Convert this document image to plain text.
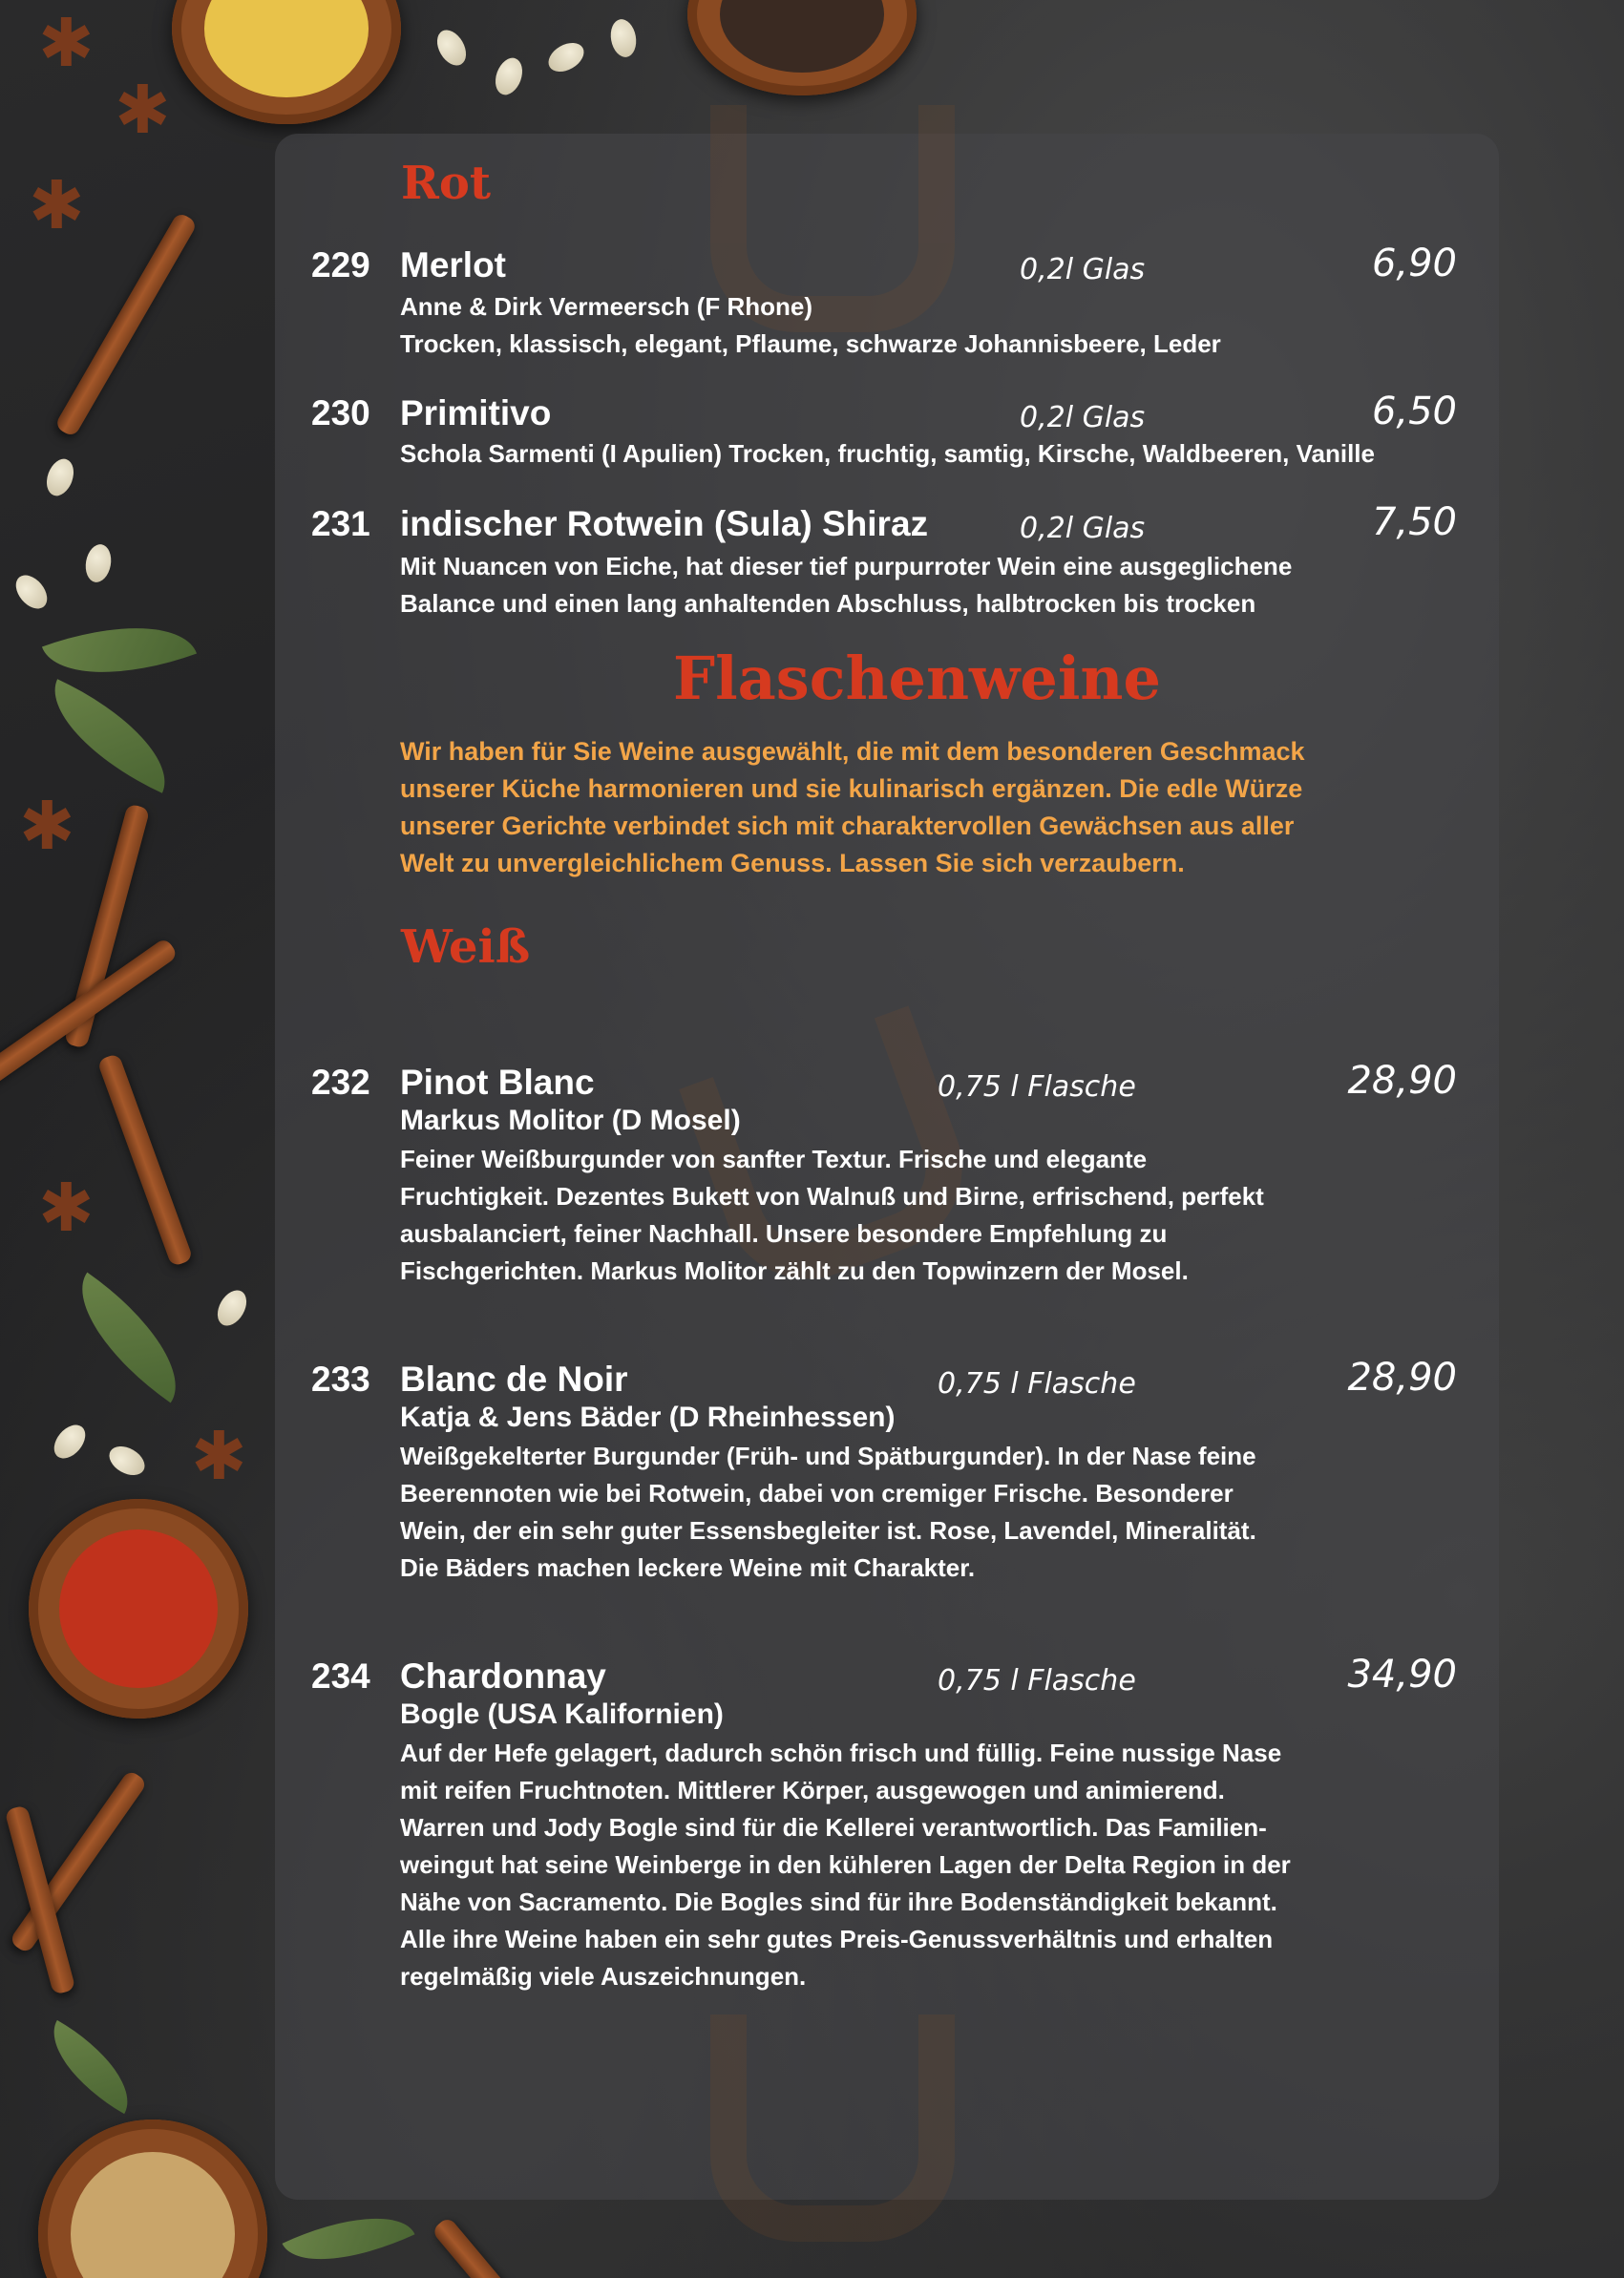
✱
✱
✱
✱
✱
✱
Rot
Flaschenweine
Weiß
Wir haben für Sie Weine ausgewählt, die mit dem besonderen Geschmack
unserer Küche harmonieren und sie kulinarisch ergänzen. Die edle Würze
unserer Gerichte verbindet sich mit charaktervollen Gewächsen aus aller
Welt zu unvergleichlichem Genuss. Lassen Sie sich verzaubern.
229 Merlot	0,2l Glas	6,90
Anne & Dirk Vermeersch (F Rhone)
Trocken, klassisch, elegant, Pflaume, schwarze Johannisbeere, Leder
230 Primitivo	0,2l Glas	6,50
Schola Sarmenti (I Apulien) Trocken, fruchtig, samtig, Kirsche, Waldbeeren, Vanille
231 indischer Rotwein (Sula) Shiraz	0,2l Glas	7,50
Mit Nuancen von Eiche, hat dieser tief purpurroter Wein eine ausgeglichene
Balance und einen lang anhaltenden Abschluss, halbtrocken bis trocken
232 Pinot Blanc	0,75 l Flasche	28,90
Markus Molitor (D Mosel)
Feiner Weißburgunder von sanfter Textur. Frische und elegante
Fruchtigkeit. Dezentes Bukett von Walnuß und Birne, erfrischend, perfekt
ausbalanciert, feiner Nachhall. Unsere besondere Empfehlung zu
Fischgerichten. Markus Molitor zählt zu den Topwinzern der Mosel.
233 Blanc de Noir	0,75 l Flasche	28,90
Katja & Jens Bäder (D Rheinhessen)
Weißgekelterter Burgunder (Früh- und Spätburgunder). In der Nase feine
Beerennoten wie bei Rotwein, dabei von cremiger Frische. Besonderer
Wein, der ein sehr guter Essensbegleiter ist. Rose, Lavendel, Mineralität.
Die Bäders machen leckere Weine mit Charakter.
234 Chardonnay	0,75 l Flasche	34,90
Bogle (USA Kalifornien)
Auf der Hefe gelagert, dadurch schön frisch und füllig. Feine nussige Nase
mit reifen Fruchtnoten. Mittlerer Körper, ausgewogen und animierend.
Warren und Jody Bogle sind für die Kellerei verantwortlich. Das Familien-
weingut hat seine Weinberge in den kühleren Lagen der Delta Region in der
Nähe von Sacramento. Die Bogles sind für ihre Bodenständigkeit bekannt.
Alle ihre Weine haben ein sehr gutes Preis-Genussverhältnis und erhalten
regelmäßig viele Auszeichnungen.
